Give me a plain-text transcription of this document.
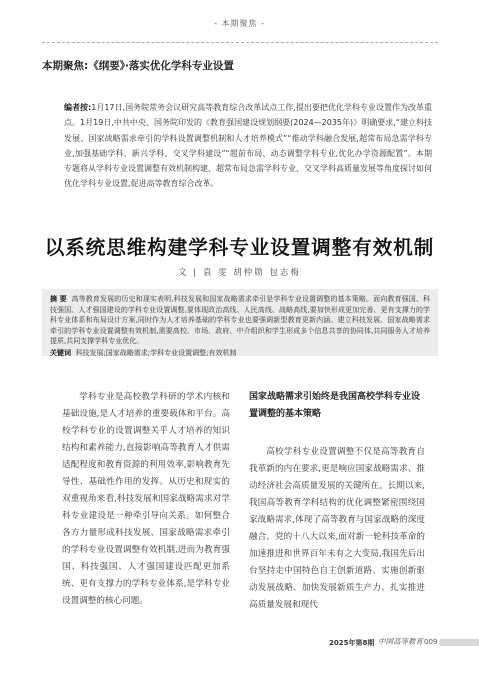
- 本期聚焦 -
本期聚焦:《纲要》·落实优化学科专业设置
编者按:1月17日,国务院常务会议研究高等教育综合改革试点工作,提出要把优化学科专业设置作为改革重点。1月19日,中共中央、国务院印发的《教育强国建设规划纲要(2024—2035年)》明确要求,“建立科技发展、国家战略需求牵引的学科设置调整机制和人才培养模式”“推动学科融合发展,超常布局急需学科专业,加强基础学科、新兴学科、交叉学科建设”“超前布局、动态调整学科专业,优化办学资源配置”。本期专题将从学科专业设置调整有效机制构建、超常布局急需学科专业、交叉学科高质量发展等角度探讨如何优化学科专业设置,促进高等教育综合改革。
以系统思维构建学科专业设置调整有效机制
文 | 袁 雯 胡仲勋 包志梅
摘 要 高等教育发展的历史和现实表明,科技发展和国家战略需求牵引是学科专业设置调整的基本策略。面向教育强国、科技强国、人才强国建设的学科专业设置调整,要体现政治高线、人民高线、战略高线,要加快形成更加完善、更有支撑力的学科专业体系和布局设计方案,同时作为人才培养基础的学科专业也要强调新型教育更新内涵。建立科技发展、国家战略需求牵引的学科专业设置调整有效机制,需要高校、市场、政府、中介组织和学生形成多个信息共享的协同体,共同服务人才培养提质,共同支撑学科专业优化。
关键词 科技发展;国家战略需求;学科专业设置调整;有效机制
学科专业是高校教学科研的学术内核和基础设施,是人才培养的重要载体和平台。高校学科专业的设置调整关乎人才培养的知识结构和素养能力,直接影响高等教育人才供需适配程度和教育资源的利用效率,影响教育先导性、基础性作用的发挥。从历史和现实的双重视角来看,科技发展和国家战略需求对学科专业建设是一种牵引导向关系。如何整合各方力量形成科技发展、国家战略需求牵引的学科专业设置调整有效机制,进而为教育强国、科技强国、人才强国建设匹配更加系统、更有支撑力的学科专业体系,是学科专业设置调整的核心问题。
国家战略需求引始终是我国高校学科专业设置调整的基本策略
高校学科专业设置调整不仅是高等教育自我革新的内在要求,更是响应国家战略需求、推动经济社会高质量发展的关键所在。长期以来,我国高等教育学科结构的优化调整紧密围绕国家战略需求,体现了高等教育与国家战略的深度融合。党的十八大以来,面对新一轮科技革命的加速推进和世界百年未有之大变局,我国先后出台坚持走中国特色自主创新道路、实施创新驱动发展战略、加快发展新质生产力、扎实推进高质量发展和现代
2025年第8期 中国高等教育 009
